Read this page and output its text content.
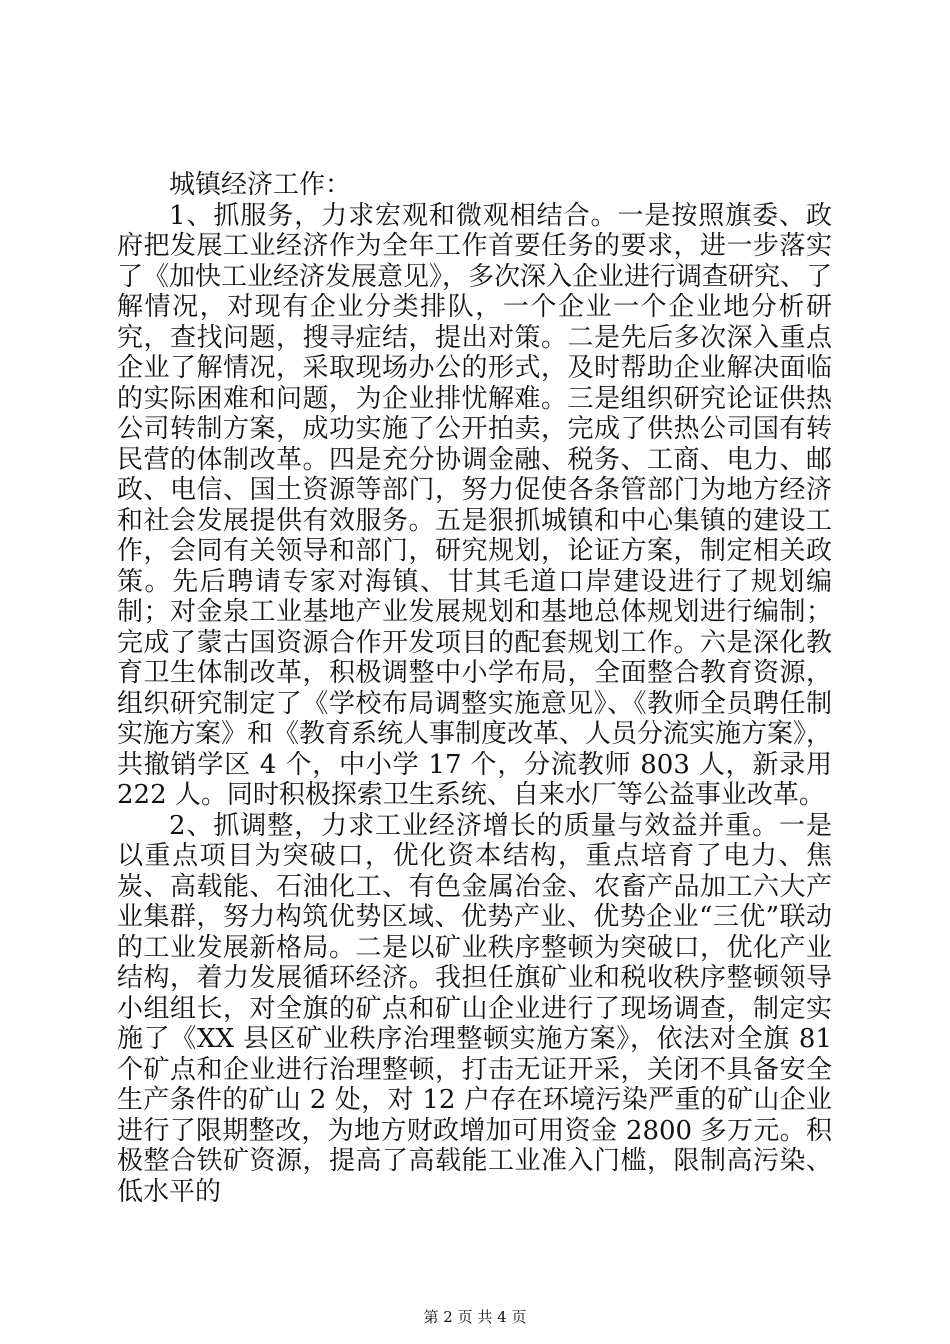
城镇经济工作：

1、抓服务，力求宏观和微观相结合。一是按照旗委、政府把发展工业经济作为全年工作首要任务的要求，进一步落实了《加快工业经济发展意见》，多次深入企业进行调查研究、了解情况，对现有企业分类排队，一个企业一个企业地分析研究，查找问题，搜寻症结，提出对策。二是先后多次深入重点企业了解情况，采取现场办公的形式，及时帮助企业解决面临的实际困难和问题，为企业排忧解难。三是组织研究论证供热公司转制方案，成功实施了公开拍卖，完成了供热公司国有转民营的体制改革。四是充分协调金融、税务、工商、电力、邮政、电信、国土资源等部门，努力促使各条管部门为地方经济和社会发展提供有效服务。五是狠抓城镇和中心集镇的建设工作，会同有关领导和部门，研究规划，论证方案，制定相关政策。先后聘请专家对海镇、甘其毛道口岸建设进行了规划编制；对金泉工业基地产业发展规划和基地总体规划进行编制；完成了蒙古国资源合作开发项目的配套规划工作。六是深化教育卫生体制改革，积极调整中小学布局，全面整合教育资源，组织研究制定了《学校布局调整实施意见》、《教师全员聘任制实施方案》和《教育系统人事制度改革、人员分流实施方案》，共撤销学区 4 个，中小学 17 个，分流教师 803 人，新录用 222 人。同时积极探索卫生系统、自来水厂等公益事业改革。

2、抓调整，力求工业经济增长的质量与效益并重。一是以重点项目为突破口，优化资本结构，重点培育了电力、焦炭、高载能、石油化工、有色金属冶金、农畜产品加工六大产业集群，努力构筑优势区域、优势产业、优势企业“三优”联动的工业发展新格局。二是以矿业秩序整顿为突破口，优化产业结构，着力发展循环经济。我担任旗矿业和税收秩序整顿领导小组组长，对全旗的矿点和矿山企业进行了现场调查，制定实施了《XX 县区矿业秩序治理整顿实施方案》，依法对全旗 81 个矿点和企业进行治理整顿，打击无证开采，关闭不具备安全生产条件的矿山 2 处，对 12 户存在环境污染严重的矿山企业进行了限期整改，为地方财政增加可用资金 2800 多万元。积极整合铁矿资源，提高了高载能工业准入门槛，限制高污染、低水平的

第 2 页 共 4 页
